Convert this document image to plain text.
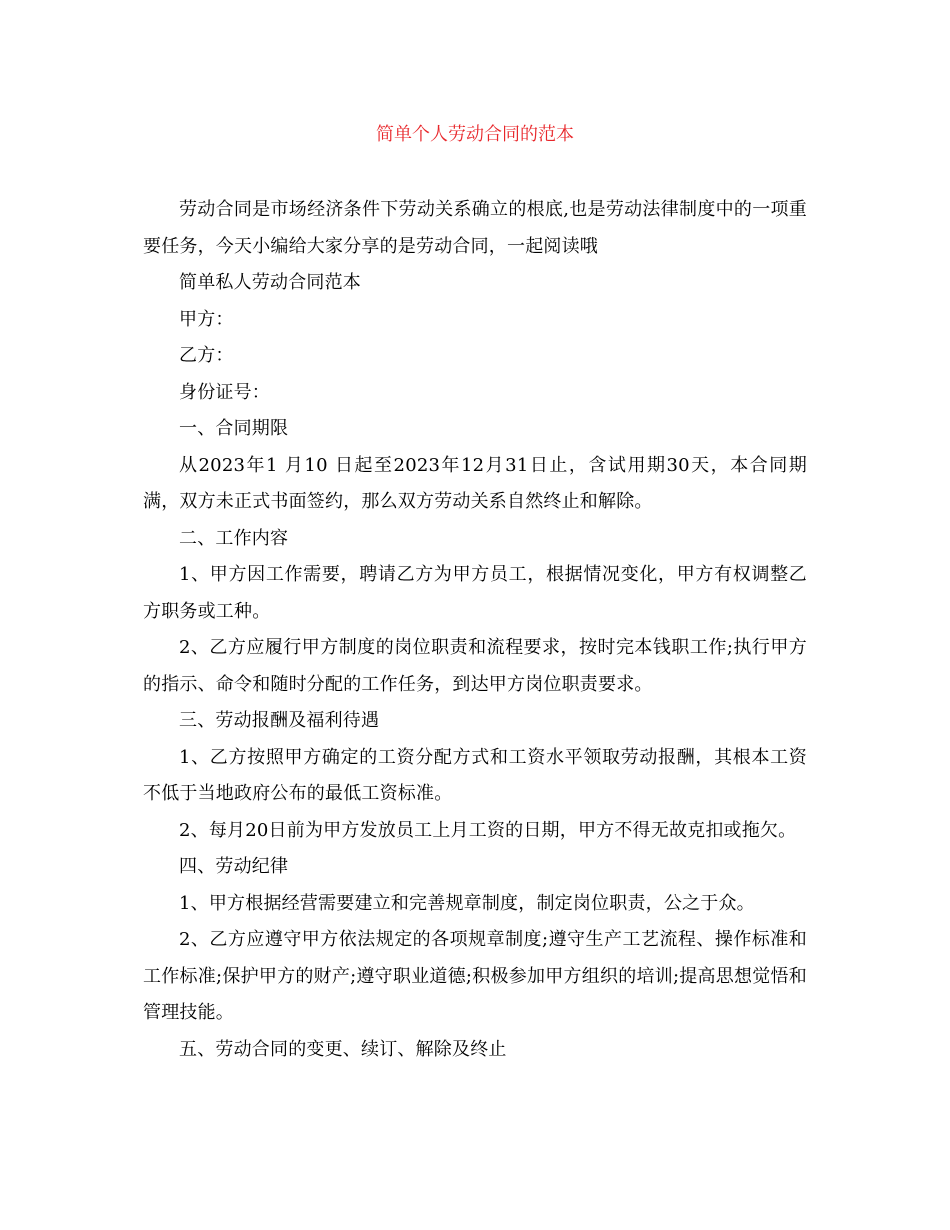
简单个人劳动合同的范本

劳动合同是市场经济条件下劳动关系确立的根底,也是劳动法律制度中的一项重要任务，今天小编给大家分享的是劳动合同，一起阅读哦

简单私人劳动合同范本

甲方：

乙方：

身份证号：

一、合同期限

从2023年1 月10 日起至2023年12月31日止，含试用期30天，本合同期满，双方未正式书面签约，那么双方劳动关系自然终止和解除。

二、工作内容

1、甲方因工作需要，聘请乙方为甲方员工，根据情况变化，甲方有权调整乙方职务或工种。

2、乙方应履行甲方制度的岗位职责和流程要求，按时完本钱职工作;执行甲方的指示、命令和随时分配的工作任务，到达甲方岗位职责要求。

三、劳动报酬及福利待遇

1、乙方按照甲方确定的工资分配方式和工资水平领取劳动报酬，其根本工资不低于当地政府公布的最低工资标准。

2、每月20日前为甲方发放员工上月工资的日期，甲方不得无故克扣或拖欠。

四、劳动纪律

1、甲方根据经营需要建立和完善规章制度，制定岗位职责，公之于众。

2、乙方应遵守甲方依法规定的各项规章制度;遵守生产工艺流程、操作标准和工作标准;保护甲方的财产;遵守职业道德;积极参加甲方组织的培训;提高思想觉悟和管理技能。

五、劳动合同的变更、续订、解除及终止
